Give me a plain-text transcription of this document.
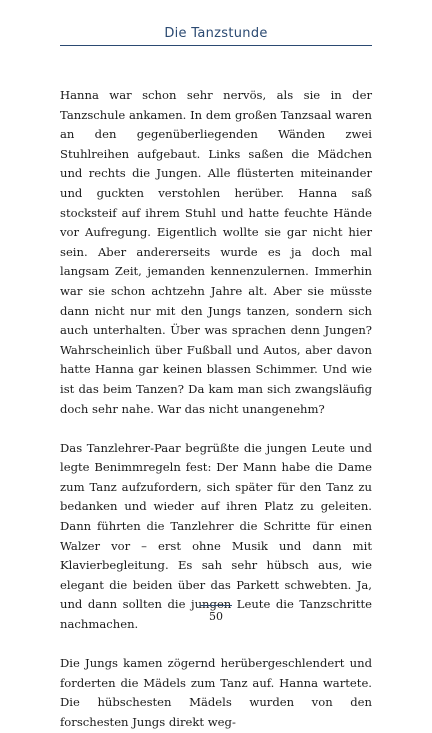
Die Tanzstunde

Hanna war schon sehr nervös, als sie in der Tanzschule ankamen. In dem großen Tanzsaal waren an den gegenüberliegenden Wänden zwei Stuhlreihen aufgebaut. Links saßen die Mädchen und rechts die Jungen. Alle flüsterten miteinander und guckten verstohlen herüber. Hanna saß stocksteif auf ihrem Stuhl und hatte feuchte Hände vor Aufregung. Eigentlich wollte sie gar nicht hier sein. Aber andererseits wurde es ja doch mal langsam Zeit, jemanden kennenzulernen. Immerhin war sie schon achtzehn Jahre alt. Aber sie müsste dann nicht nur mit den Jungs tanzen, sondern sich auch unterhalten. Über was sprachen denn Jungen? Wahrscheinlich über Fußball und Autos, aber davon hatte Hanna gar keinen blassen Schimmer. Und wie ist das beim Tanzen? Da kam man sich zwangsläufig doch sehr nahe. War das nicht unangenehm?

Das Tanzlehrer-Paar begrüßte die jungen Leute und legte Benimmregeln fest: Der Mann habe die Dame zum Tanz aufzufordern, sich später für den Tanz zu bedanken und wieder auf ihren Platz zu geleiten. Dann führten die Tanzlehrer die Schritte für einen Walzer vor – erst ohne Musik und dann mit Klavierbegleitung. Es sah sehr hübsch aus, wie elegant die beiden über das Parkett schwebten. Ja, und dann sollten die jungen Leute die Tanzschritte nachmachen.

Die Jungs kamen zögernd herübergeschlendert und forderten die Mädels zum Tanz auf. Hanna wartete. Die hübschesten Mädels wurden von den forschesten Jungs direkt weg-

50
